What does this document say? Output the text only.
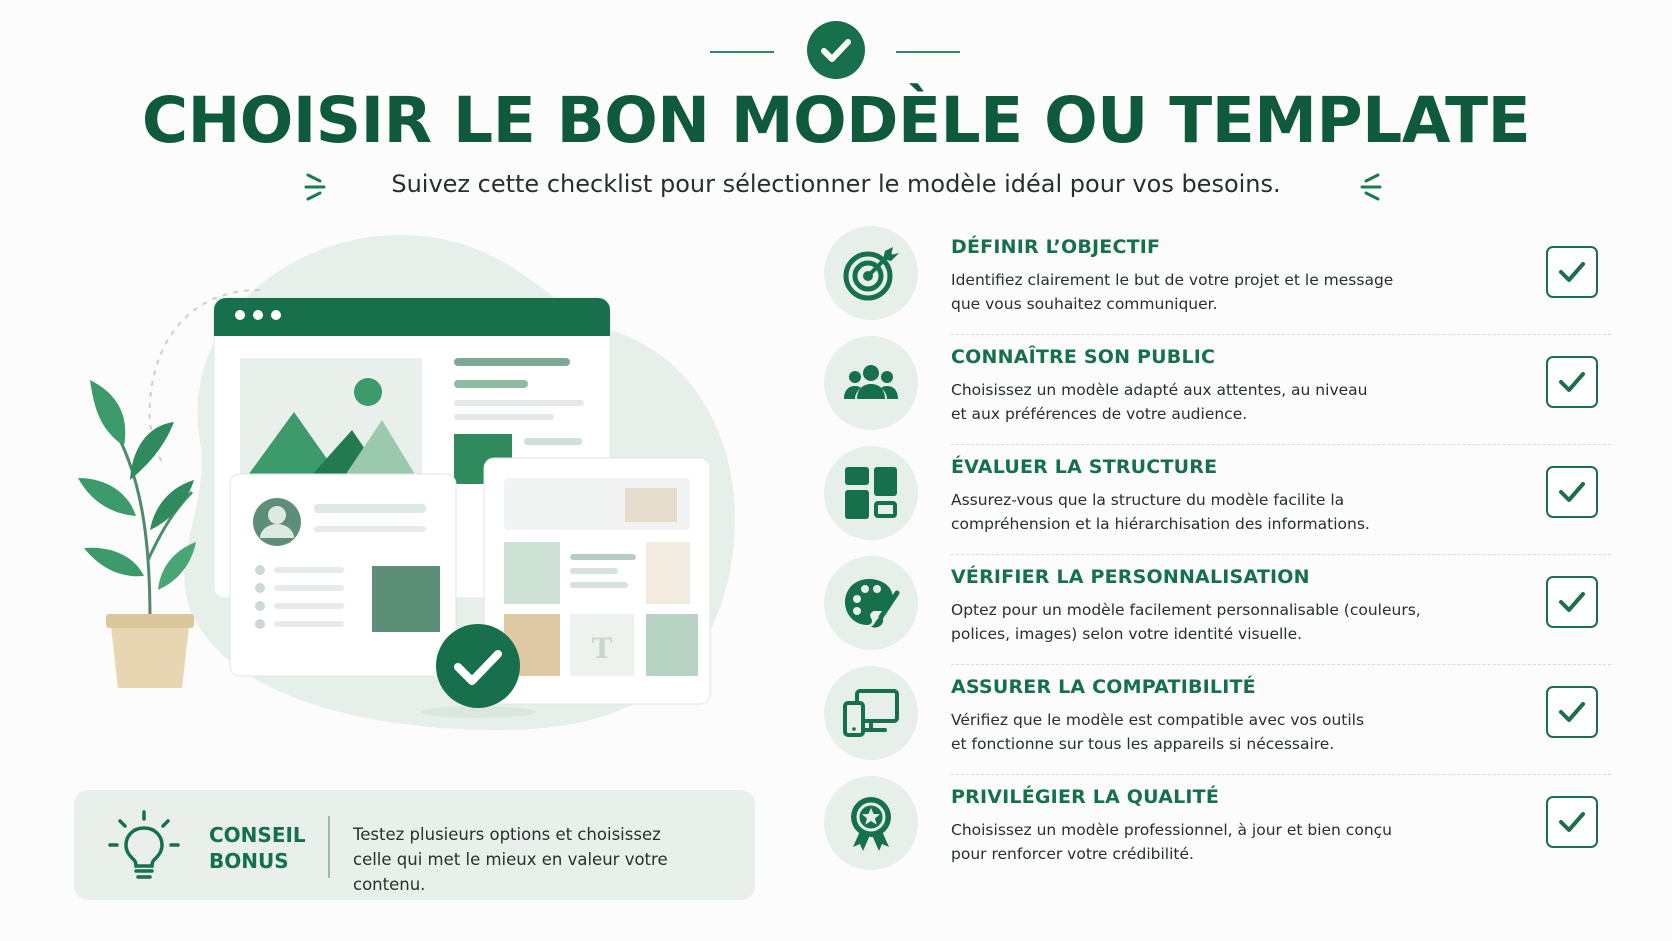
CHOISIR LE BON MODÈLE OU TEMPLATE
Suivez cette checklist pour sélectionner le modèle idéal pour vos besoins.
T
CONSEIL
BONUS
Testez plusieurs options et choisissez
celle qui met le mieux en valeur votre contenu.
DÉFINIR L’OBJECTIF
Identifiez clairement le but de votre projet et le message
que vous souhaitez communiquer.
CONNAÎTRE SON PUBLIC
Choisissez un modèle adapté aux attentes, au niveau
et aux préférences de votre audience.
ÉVALUER LA STRUCTURE
Assurez-vous que la structure du modèle facilite la
compréhension et la hiérarchisation des informations.
VÉRIFIER LA PERSONNALISATION
Optez pour un modèle facilement personnalisable (couleurs,
polices, images) selon votre identité visuelle.
ASSURER LA COMPATIBILITÉ
Vérifiez que le modèle est compatible avec vos outils
et fonctionne sur tous les appareils si nécessaire.
PRIVILÉGIER LA QUALITÉ
Choisissez un modèle professionnel, à jour et bien conçu
pour renforcer votre crédibilité.
